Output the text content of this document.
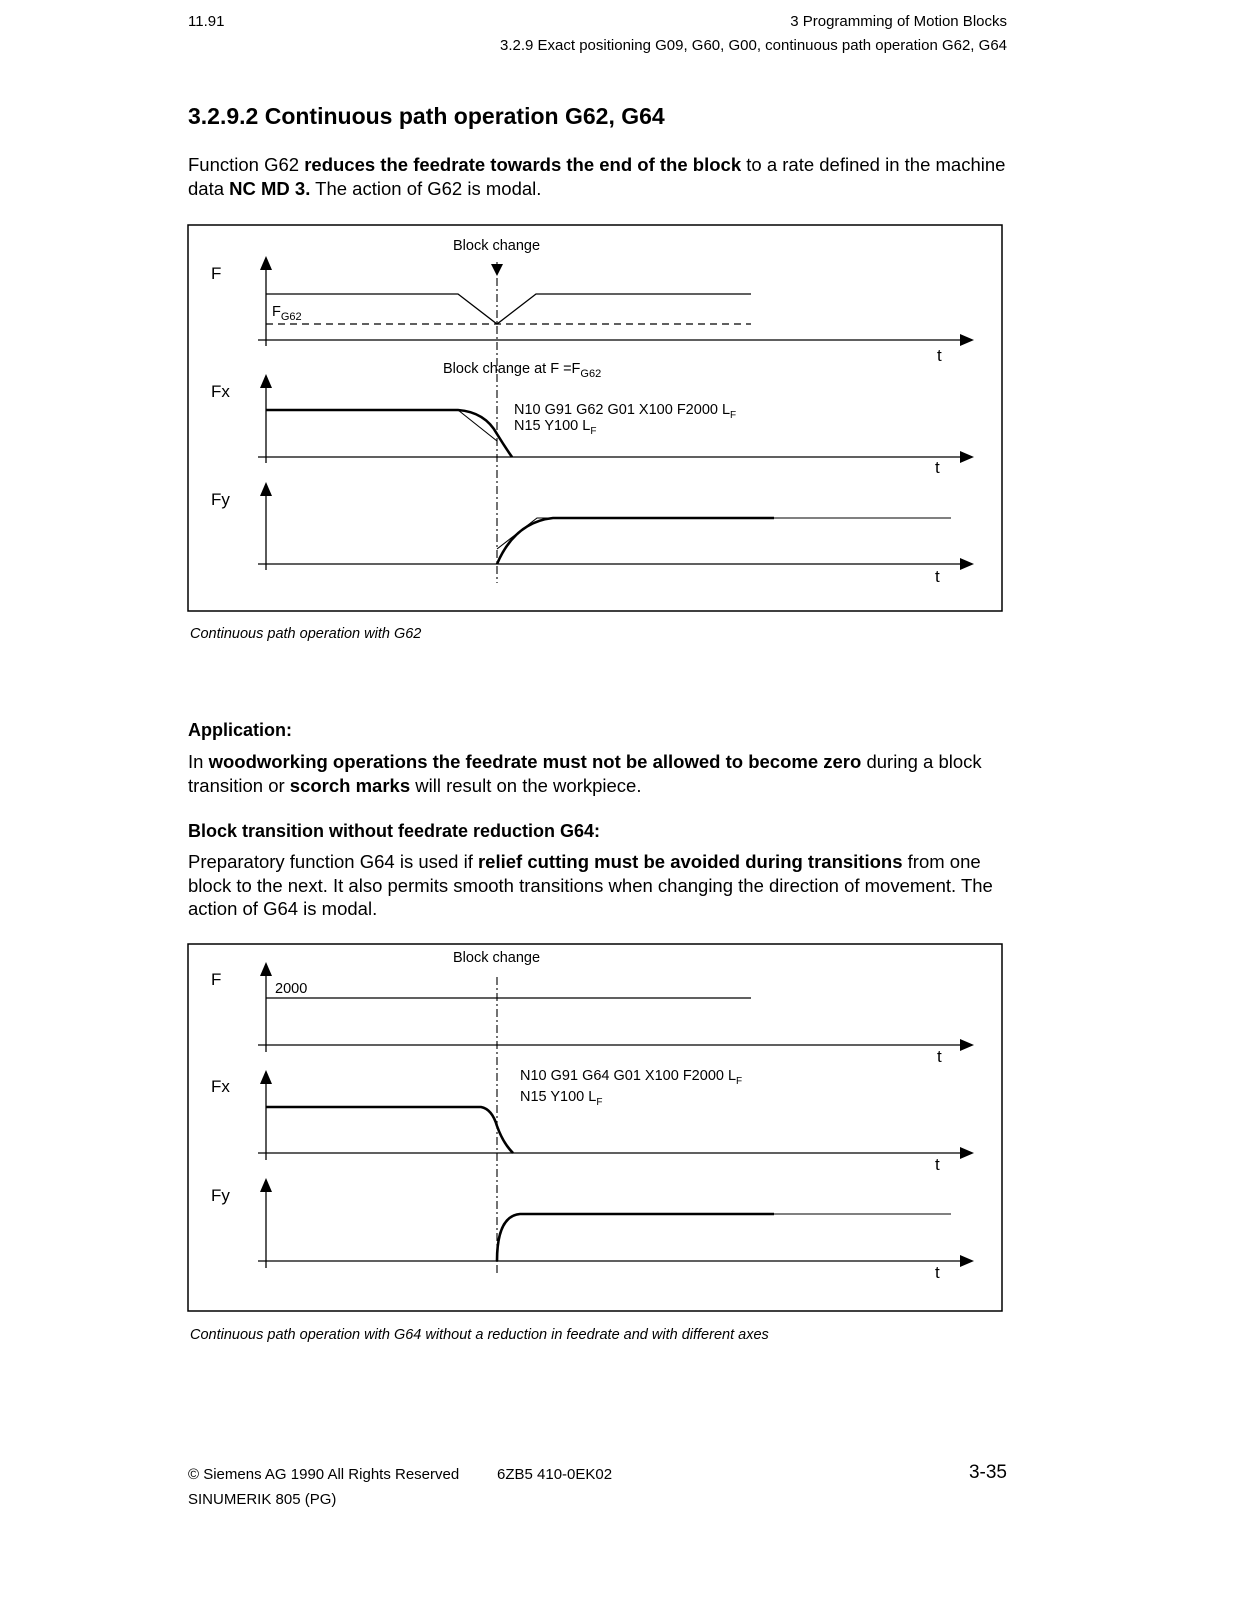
11.91	3 Programming of Motion Blocks
3.2.9 Exact positioning G09, G60, G00, continuous path operation G62, G64
3.2.9.2 Continuous path operation G62, G64
Function G62 reduces the feedrate towards the end of the block to a rate defined in the machine data NC MD 3. The action of G62 is modal.
Block change
F
Fx
Fy
t
t
t
$F_{G62}$
Block change at $F =F_{G62}$
N10 G91 G62 G01 X100 F2000 $L_F$
N15 Y100 $L_F$
Continuous path operation with G62
Application:
In woodworking operations the feedrate must not be allowed to become zero during a block transition or scorch marks will result on the workpiece.
Block transition without feedrate reduction G64:
Preparatory function G64 is used if relief cutting must be avoided during transitions from one block to the next. It also permits smooth transitions when changing the direction of movement. The action of G64 is modal.
Block change
F
Fx
Fy
t
t
t
2000
N10 G91 G64 G01 X100 F2000 $L_F$
N15 Y100 $L_F$
Continuous path operation with G64 without a reduction in feedrate and with different axes
© Siemens AG 1990 All Rights Reserved	6ZB5 410-0EK02
SINUMERIK 805 (PG)
3-35
